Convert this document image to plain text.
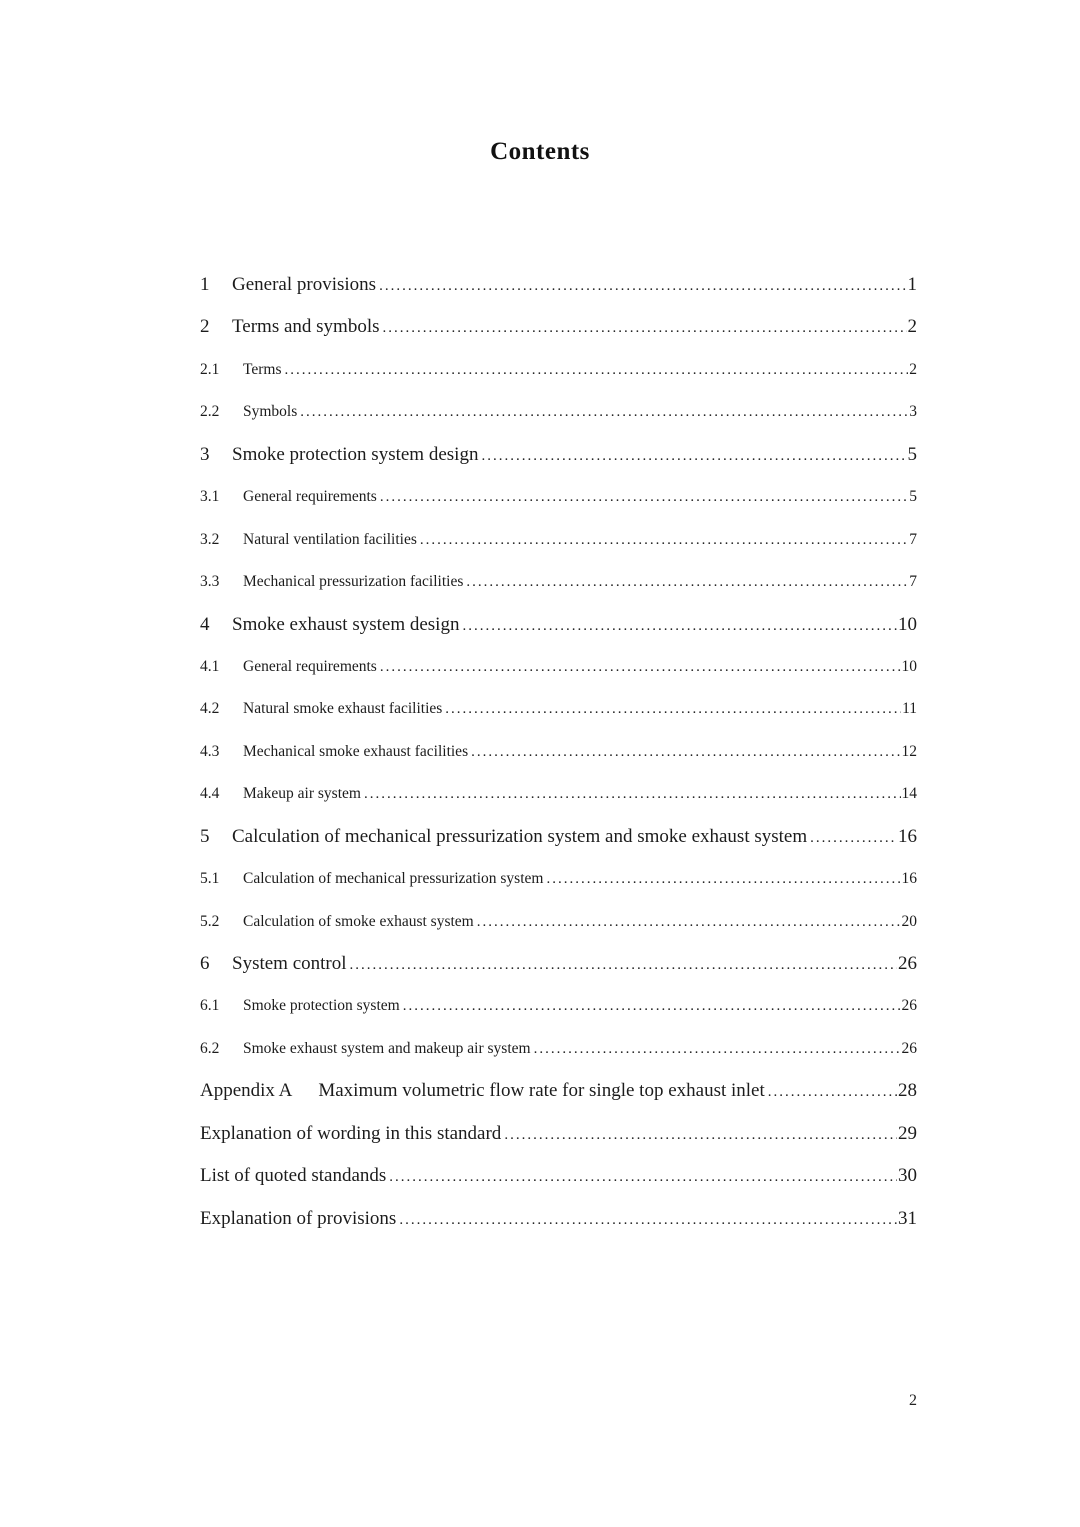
Contents
1	General provisions .....	1
2	Terms and symbols .....	2
2.1	Terms .....	2
2.2	Symbols .....	3
3	Smoke protection system design .....	5
3.1	General requirements .....	5
3.2	Natural ventilation facilities .....	7
3.3	Mechanical pressurization facilities .....	7
4	Smoke exhaust system design .....	10
4.1	General requirements .....	10
4.2	Natural smoke exhaust facilities .....	11
4.3	Mechanical smoke exhaust facilities .....	12
4.4	Makeup air system .....	14
5	Calculation of mechanical pressurization system and smoke exhaust system .....	16
5.1	Calculation of mechanical pressurization system .....	16
5.2	Calculation of smoke exhaust system .....	20
6	System control .....	26
6.1	Smoke protection system .....	26
6.2	Smoke exhaust system and makeup air system .....	26
Appendix A Maximum volumetric flow rate for single top exhaust inlet .....	28
Explanation of wording in this standard .....	29
List of quoted standands .....	30
Explanation of provisions .....	31
2
